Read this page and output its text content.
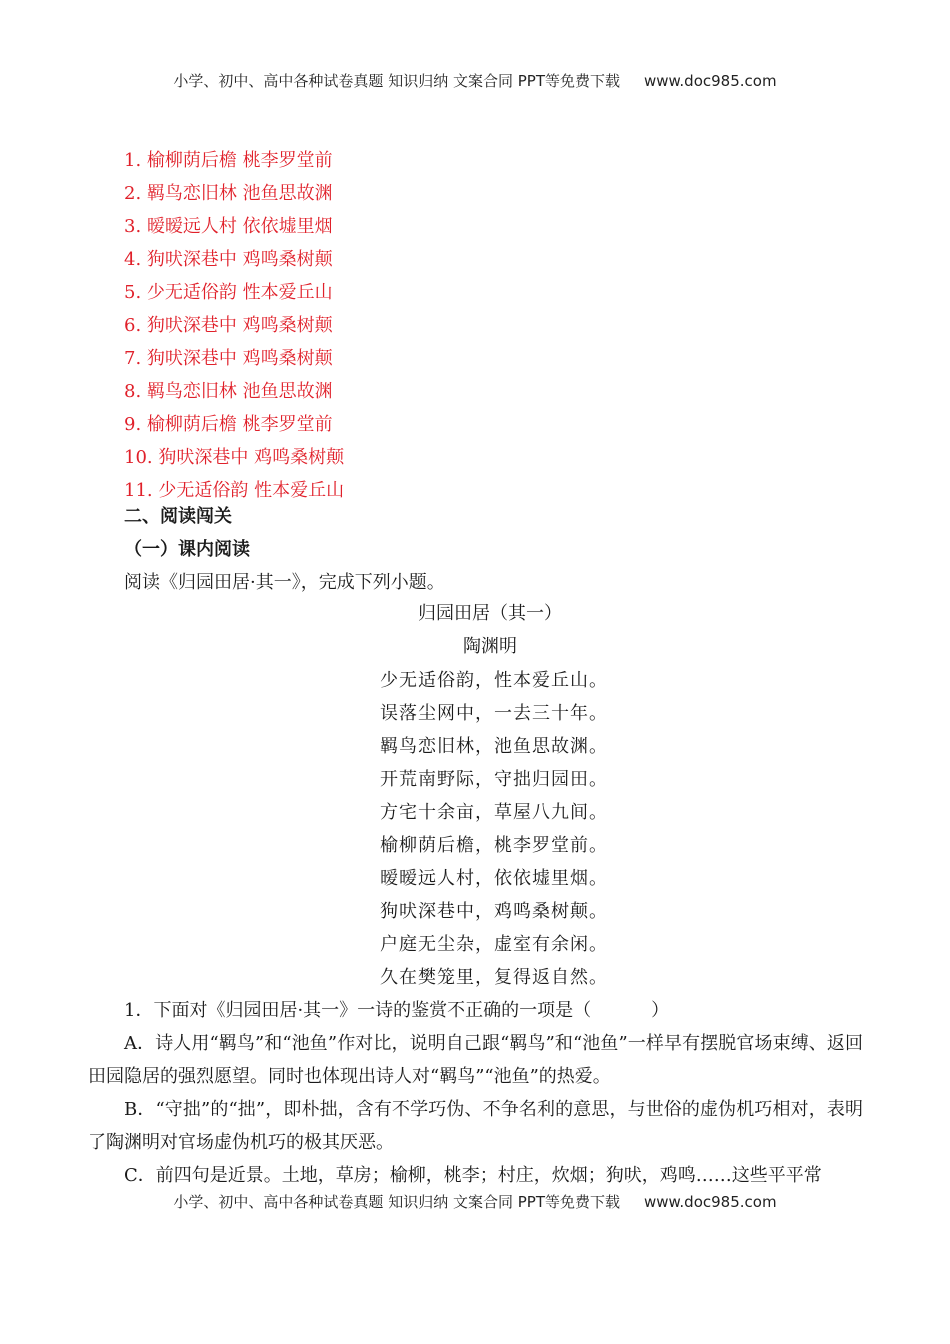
小学、初中、高中各种试卷真题 知识归纳 文案合同 PPT等免费下载 www.doc985.com
1. 榆柳荫后檐 桃李罗堂前
2. 羁鸟恋旧林 池鱼思故渊
3. 暧暧远人村 依依墟里烟
4. 狗吠深巷中 鸡鸣桑树颠
5. 少无适俗韵 性本爱丘山
6. 狗吠深巷中 鸡鸣桑树颠
7. 狗吠深巷中 鸡鸣桑树颠
8. 羁鸟恋旧林 池鱼思故渊
9. 榆柳荫后檐 桃李罗堂前
10. 狗吠深巷中 鸡鸣桑树颠
11. 少无适俗韵 性本爱丘山
二、阅读闯关
（一）课内阅读
阅读《归园田居·其一》，完成下列小题。
归园田居（其一）
陶渊明
少无适俗韵，性本爱丘山。
误落尘网中，一去三十年。
羁鸟恋旧林，池鱼思故渊。
开荒南野际，守拙归园田。
方宅十余亩，草屋八九间。
榆柳荫后檐，桃李罗堂前。
暧暧远人村，依依墟里烟。
狗吠深巷中，鸡鸣桑树颠。
户庭无尘杂，虚室有余闲。
久在樊笼里，复得返自然。

1．下面对《归园田居·其一》一诗的鉴赏不正确的一项是（	）

A．诗人用“羁鸟”和“池鱼”作对比，说明自己跟“羁鸟”和“池鱼”一样早有摆脱官场束缚、返回田园隐居的强烈愿望。同时也体现出诗人对“羁鸟”“池鱼”的热爱。

B．“守拙”的“拙”，即朴拙，含有不学巧伪、不争名利的意思，与世俗的虚伪机巧相对，表明了陶渊明对官场虚伪机巧的极其厌恶。

C．前四句是近景。土地，草房；榆柳，桃李；村庄，炊烟；狗吠，鸡鸣……这些平平常

小学、初中、高中各种试卷真题 知识归纳 文案合同 PPT等免费下载 www.doc985.com
